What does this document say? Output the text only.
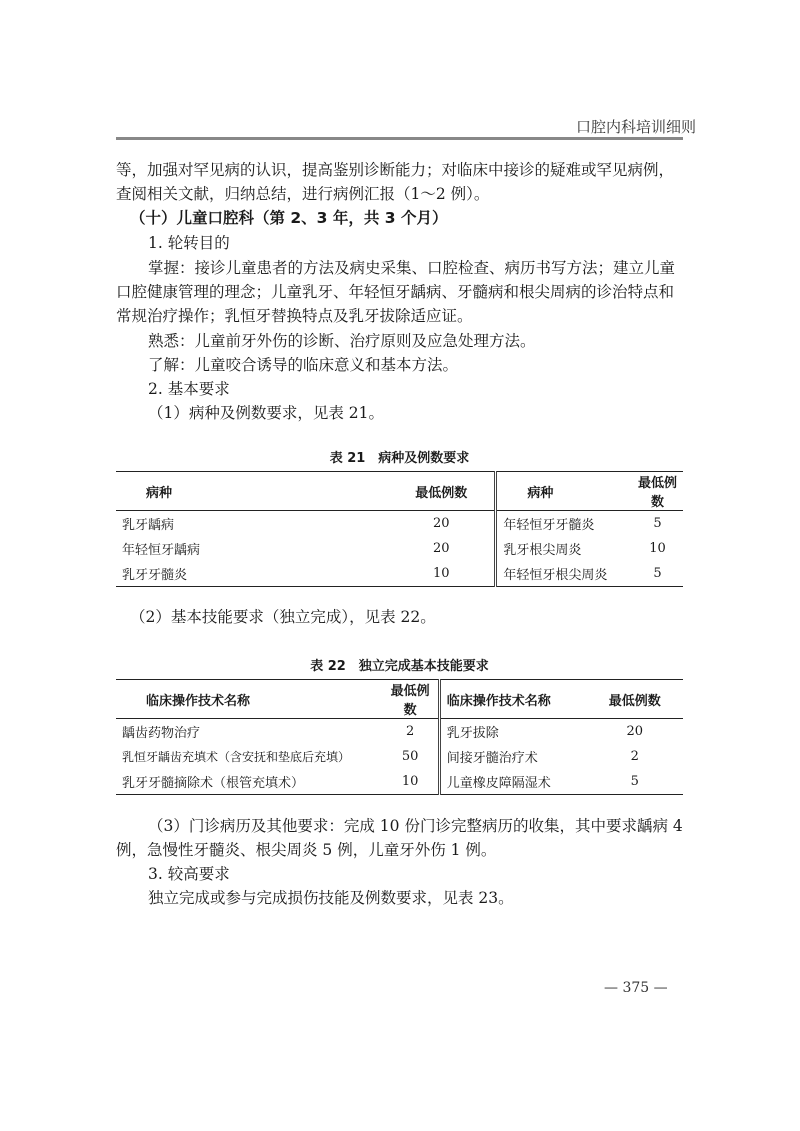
口腔内科培训细则
等，加强对罕见病的认识，提高鉴别诊断能力；对临床中接诊的疑难或罕见病例，
查阅相关文献，归纳总结，进行病例汇报（1～2 例）。
（十）儿童口腔科（第 2、3 年，共 3 个月）
1. 轮转目的
掌握：接诊儿童患者的方法及病史采集、口腔检查、病历书写方法；建立儿童
口腔健康管理的理念；儿童乳牙、年轻恒牙龋病、牙髓病和根尖周病的诊治特点和
常规治疗操作；乳恒牙替换特点及乳牙拔除适应证。
熟悉：儿童前牙外伤的诊断、治疗原则及应急处理方法。
了解：儿童咬合诱导的临床意义和基本方法。
2. 基本要求
（1）病种及例数要求，见表 21。
表 21　病种及例数要求
病种	最低例数	病种	最低例数
乳牙龋病	20	年轻恒牙牙髓炎	5
年轻恒牙龋病	20	乳牙根尖周炎	10
乳牙牙髓炎	10	年轻恒牙根尖周炎	5
（2）基本技能要求（独立完成），见表 22。
表 22　独立完成基本技能要求
临床操作技术名称	最低例数	临床操作技术名称	最低例数
龋齿药物治疗	2	乳牙拔除	20
乳恒牙龋齿充填术（含安抚和垫底后充填）	50	间接牙髓治疗术	2
乳牙牙髓摘除术（根管充填术）	10	儿童橡皮障隔湿术	5
（3）门诊病历及其他要求：完成 10 份门诊完整病历的收集，其中要求龋病 4
例，急慢性牙髓炎、根尖周炎 5 例，儿童牙外伤 1 例。
3. 较高要求
独立完成或参与完成损伤技能及例数要求，见表 23。
— 375 —
